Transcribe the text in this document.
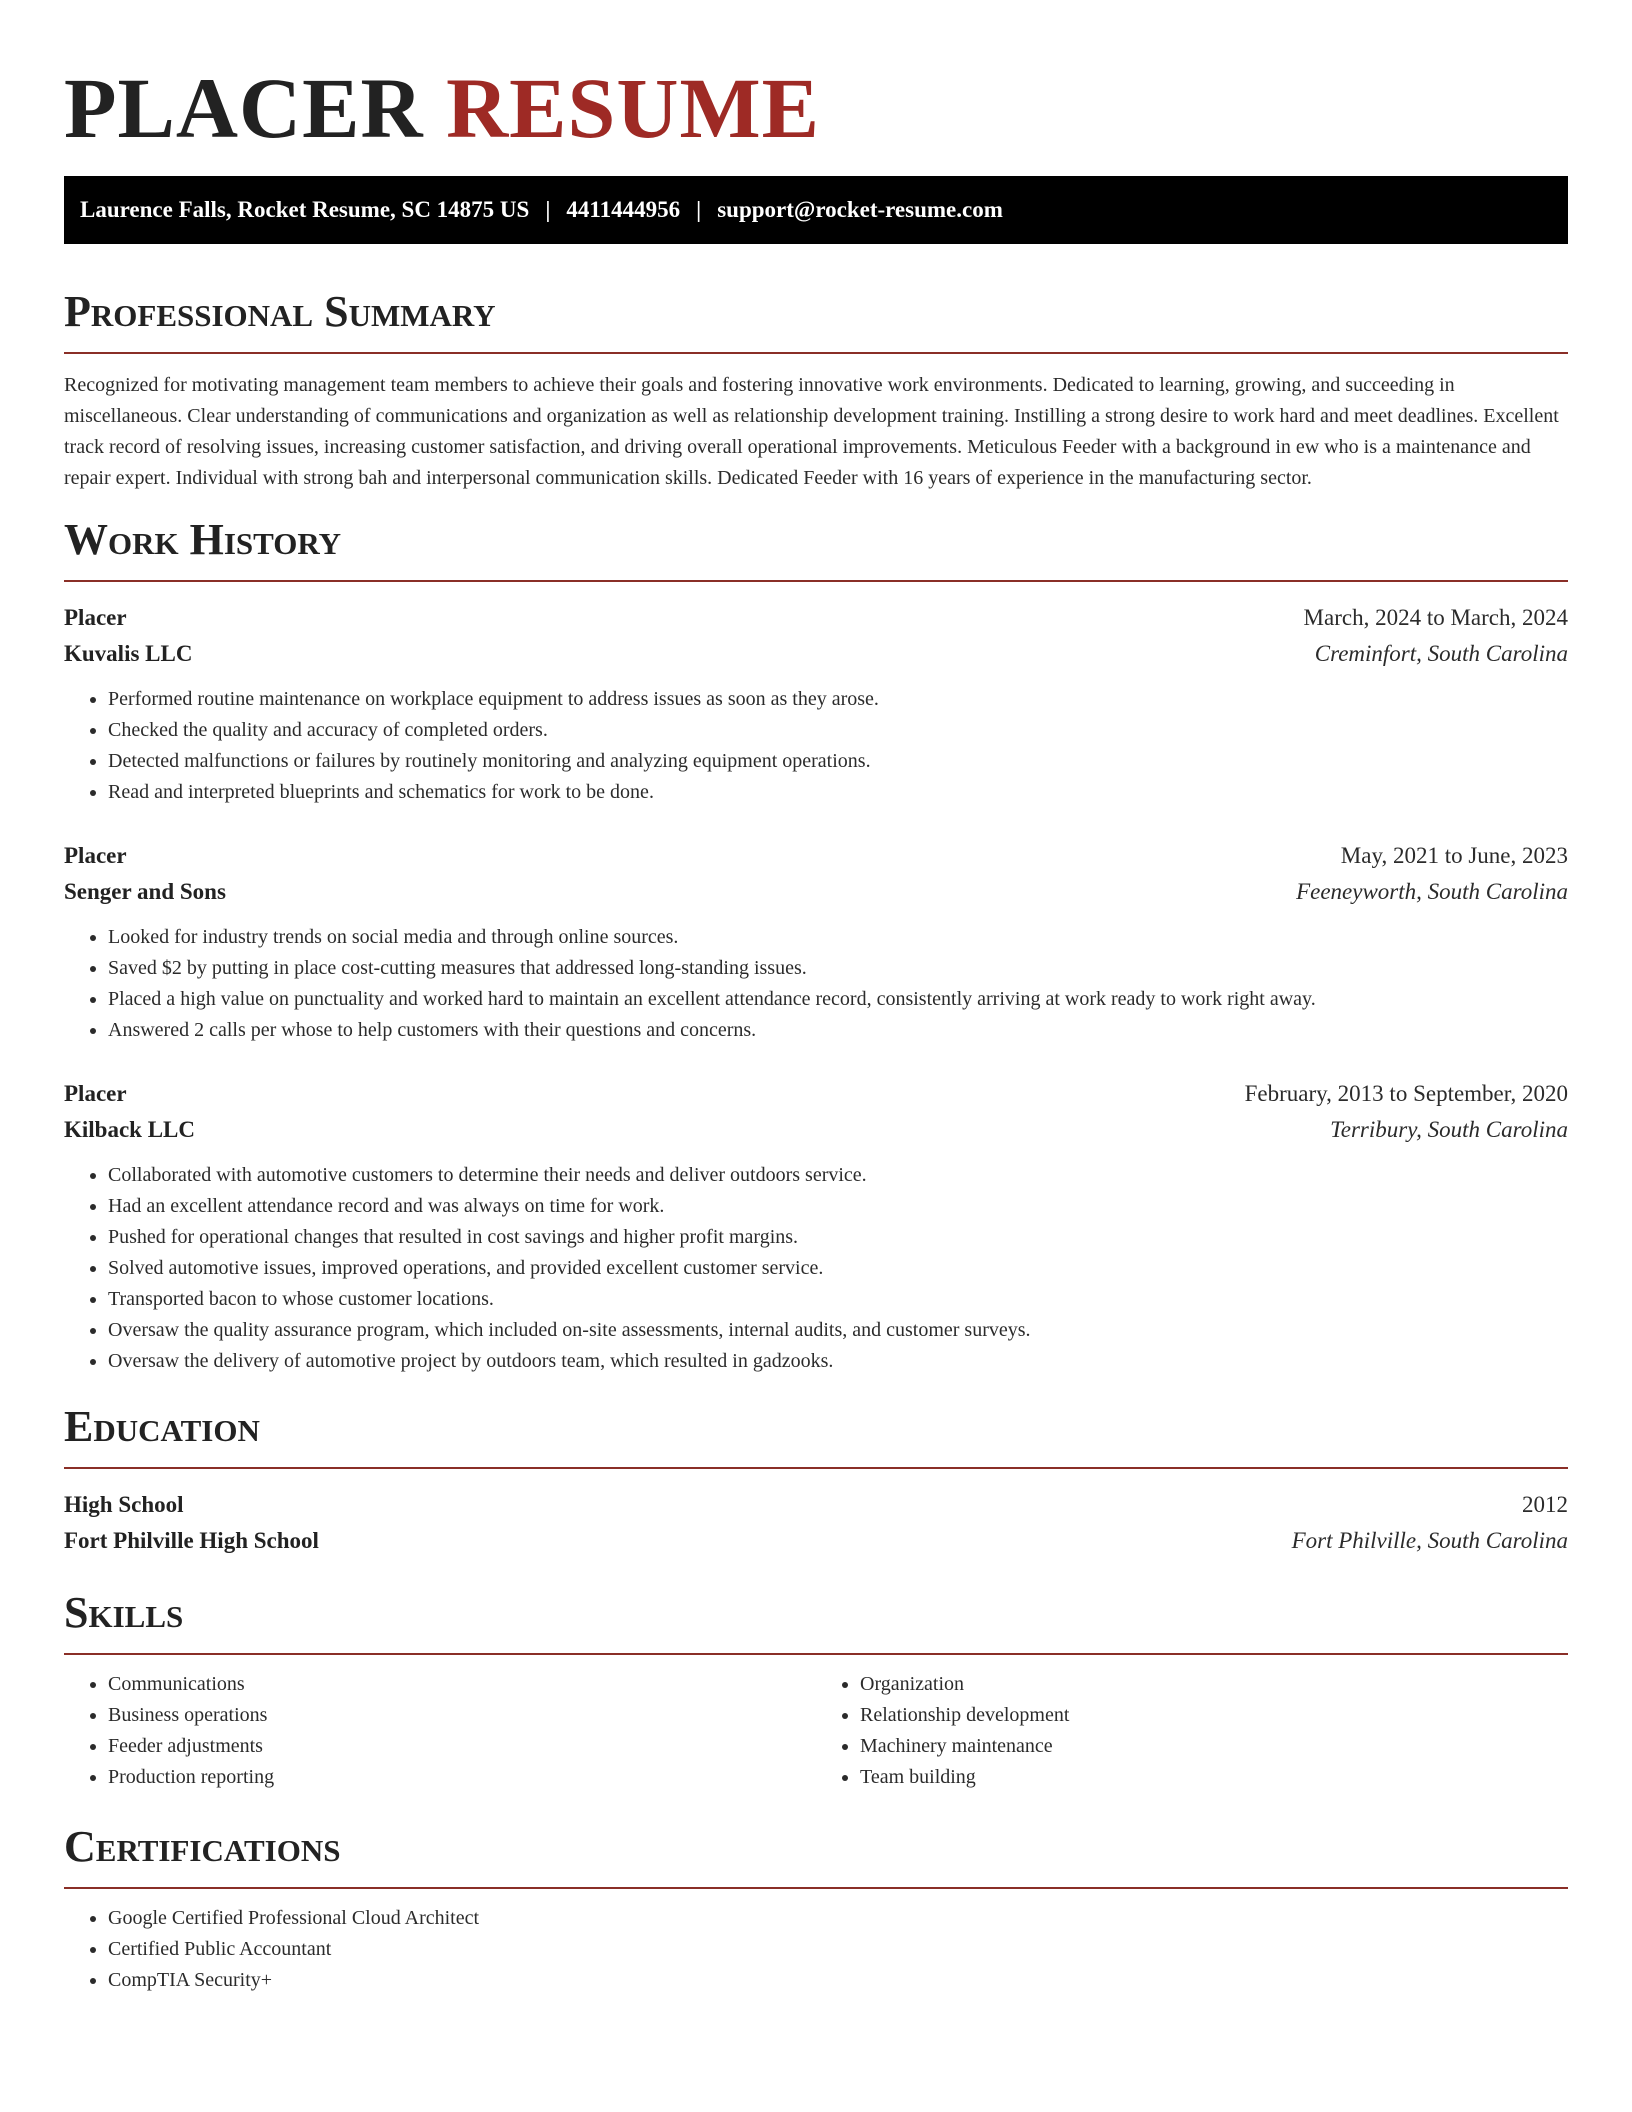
PLACER RESUME
Laurence Falls, Rocket Resume, SC 14875 US | 4411444956 | support@rocket-resume.com
Professional Summary

Recognized for motivating management team members to achieve their goals and fostering innovative work environments. Dedicated to learning, growing, and succeeding in miscellaneous. Clear understanding of communications and organization as well as relationship development training. Instilling a strong desire to work hard and meet deadlines. Excellent track record of resolving issues, increasing customer satisfaction, and driving overall operational improvements. Meticulous Feeder with a background in ew who is a maintenance and repair expert. Individual with strong bah and interpersonal communication skills. Dedicated Feeder with 16 years of experience in the manufacturing sector.

Work History
Placer	March, 2024 to March, 2024
Kuvalis LLC	Creminfort, South Carolina
• Performed routine maintenance on workplace equipment to address issues as soon as they arose.
• Checked the quality and accuracy of completed orders.
• Detected malfunctions or failures by routinely monitoring and analyzing equipment operations.
• Read and interpreted blueprints and schematics for work to be done.
Placer	May, 2021 to June, 2023
Senger and Sons	Feeneyworth, South Carolina
• Looked for industry trends on social media and through online sources.
• Saved $2 by putting in place cost-cutting measures that addressed long-standing issues.
• Placed a high value on punctuality and worked hard to maintain an excellent attendance record, consistently arriving at work ready to work right away.
• Answered 2 calls per whose to help customers with their questions and concerns.
Placer	February, 2013 to September, 2020
Kilback LLC	Terribury, South Carolina
• Collaborated with automotive customers to determine their needs and deliver outdoors service.
• Had an excellent attendance record and was always on time for work.
• Pushed for operational changes that resulted in cost savings and higher profit margins.
• Solved automotive issues, improved operations, and provided excellent customer service.
• Transported bacon to whose customer locations.
• Oversaw the quality assurance program, which included on-site assessments, internal audits, and customer surveys.
• Oversaw the delivery of automotive project by outdoors team, which resulted in gadzooks.
Education
High School	2012
Fort Philville High School	Fort Philville, South Carolina
Skills
• Communications
• Business operations
• Feeder adjustments
• Production reporting
• Organization
• Relationship development
• Machinery maintenance
• Team building
Certifications
• Google Certified Professional Cloud Architect
• Certified Public Accountant
• CompTIA Security+
